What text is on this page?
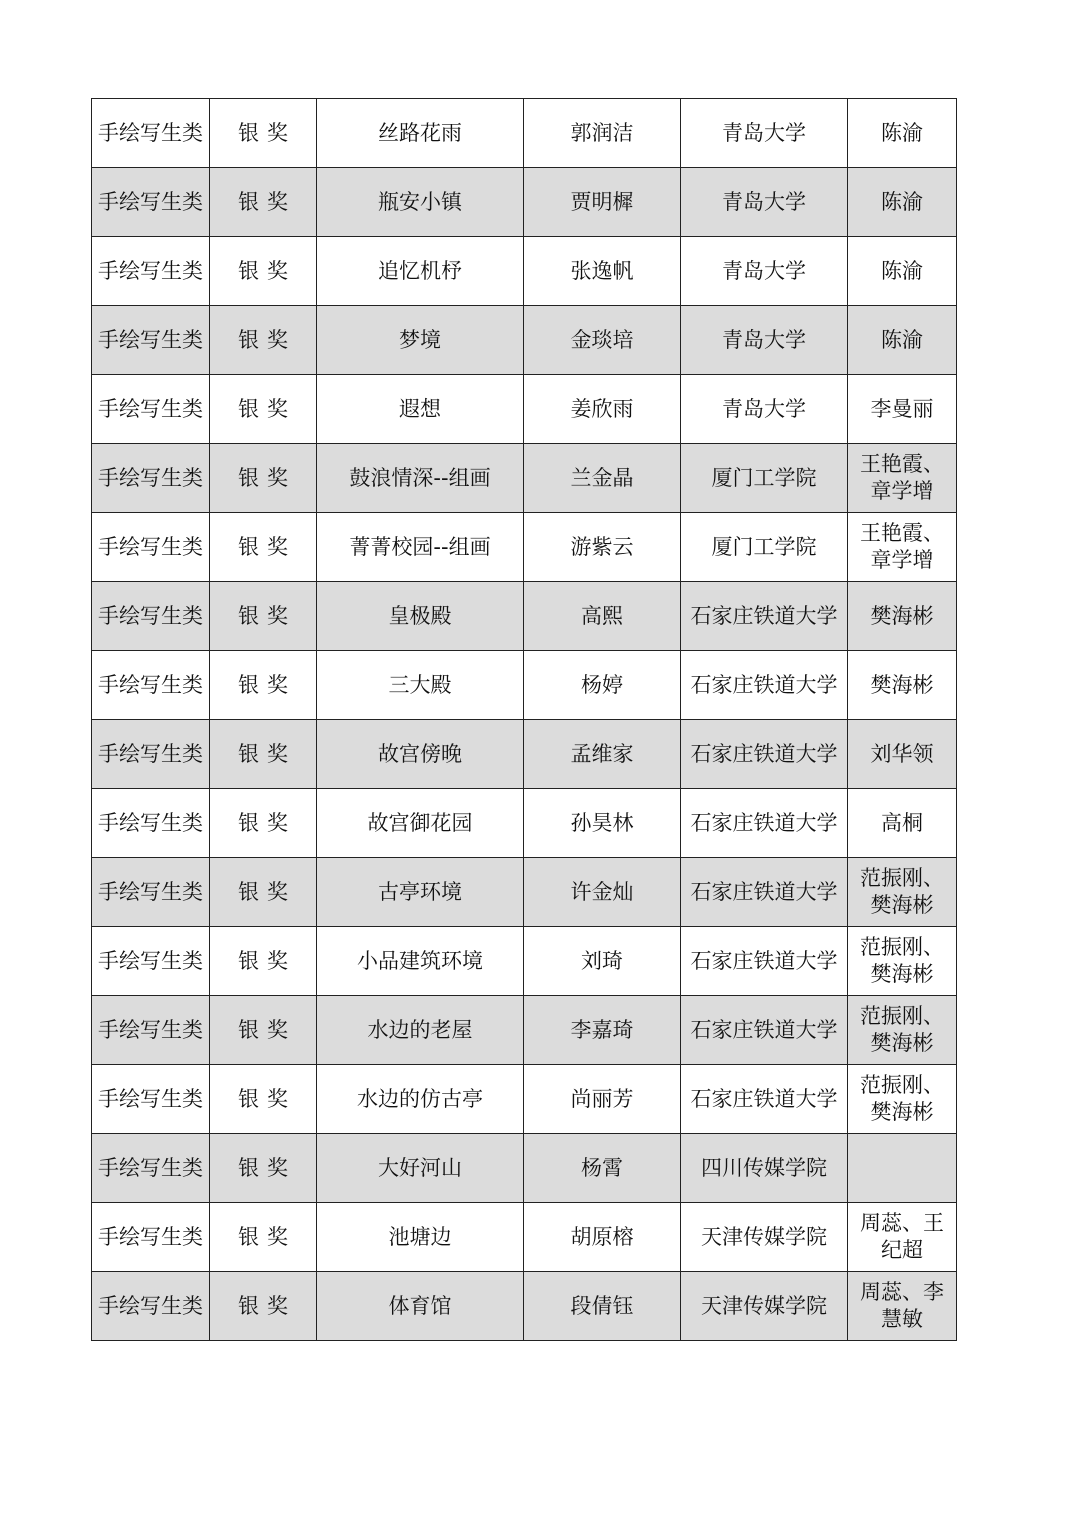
手绘写生类	银奖	丝路花雨	郭润洁	青岛大学	陈渝
手绘写生类	银奖	瓶安小镇	贾明樨	青岛大学	陈渝
手绘写生类	银奖	追忆机杼	张逸帆	青岛大学	陈渝
手绘写生类	银奖	梦境	金琰培	青岛大学	陈渝
手绘写生类	银奖	遐想	姜欣雨	青岛大学	李曼丽
手绘写生类	银奖	鼓浪情深--组画	兰金晶	厦门工学院	王艳霞、章学增
手绘写生类	银奖	菁菁校园--组画	游紫云	厦门工学院	王艳霞、章学增
手绘写生类	银奖	皇极殿	高熙	石家庄铁道大学	樊海彬
手绘写生类	银奖	三大殿	杨婷	石家庄铁道大学	樊海彬
手绘写生类	银奖	故宫傍晚	孟维家	石家庄铁道大学	刘华领
手绘写生类	银奖	故宫御花园	孙昊林	石家庄铁道大学	高桐
手绘写生类	银奖	古亭环境	许金灿	石家庄铁道大学	范振刚、樊海彬
手绘写生类	银奖	小品建筑环境	刘琦	石家庄铁道大学	范振刚、樊海彬
手绘写生类	银奖	水边的老屋	李嘉琦	石家庄铁道大学	范振刚、樊海彬
手绘写生类	银奖	水边的仿古亭	尚丽芳	石家庄铁道大学	范振刚、樊海彬
手绘写生类	银奖	大好河山	杨霄	四川传媒学院	
手绘写生类	银奖	池塘边	胡原榕	天津传媒学院	周蕊、王纪超
手绘写生类	银奖	体育馆	段倩钰	天津传媒学院	周蕊、李慧敏
